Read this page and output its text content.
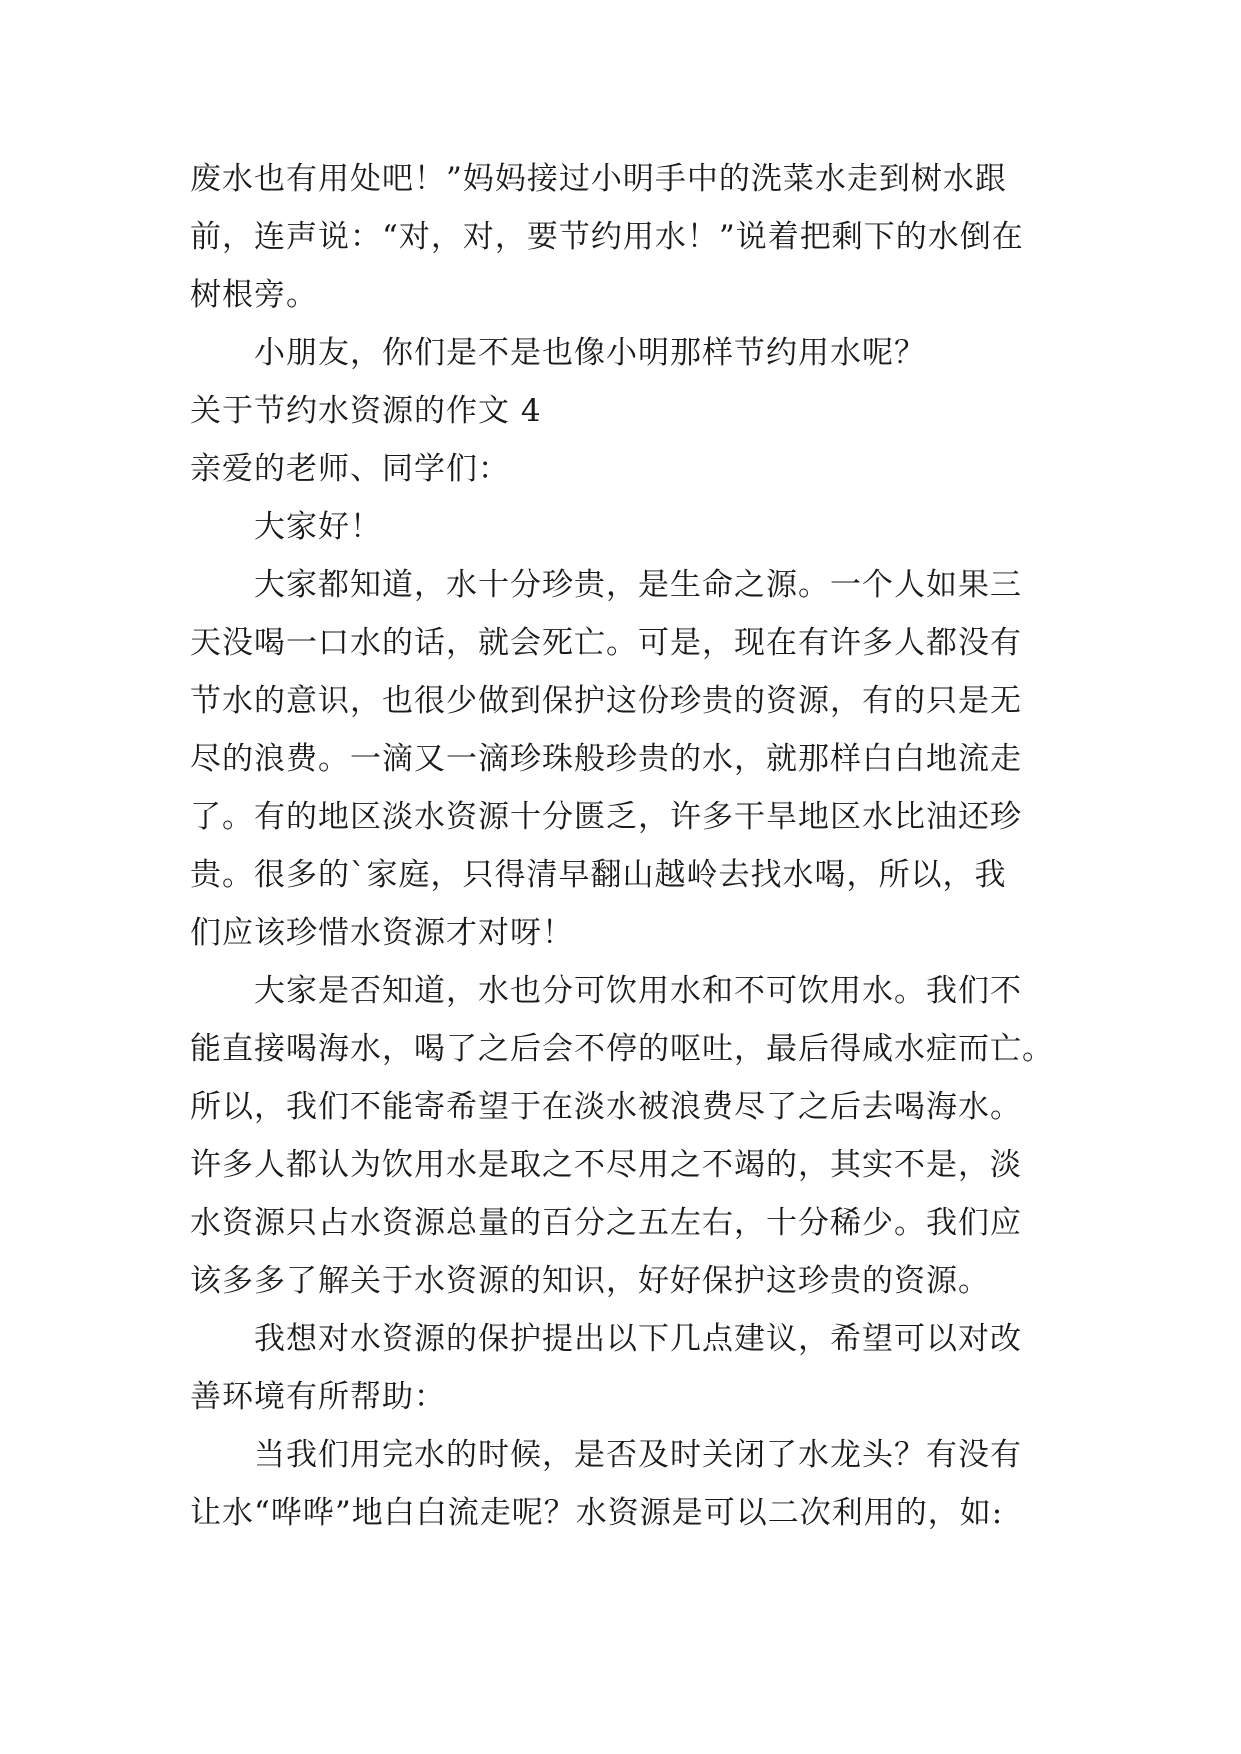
废水也有用处吧！”妈妈接过小明手中的洗菜水走到树水跟
前，连声说：“对，对，要节约用水！”说着把剩下的水倒在
树根旁。
小朋友，你们是不是也像小明那样节约用水呢？
关于节约水资源的作文 4
亲爱的老师、同学们：
大家好！
大家都知道，水十分珍贵，是生命之源。一个人如果三
天没喝一口水的话，就会死亡。可是，现在有许多人都没有
节水的意识，也很少做到保护这份珍贵的资源，有的只是无
尽的浪费。一滴又一滴珍珠般珍贵的水，就那样白白地流走
了。有的地区淡水资源十分匮乏，许多干旱地区水比油还珍
贵。很多的`家庭，只得清早翻山越岭去找水喝，所以，我
们应该珍惜水资源才对呀！
大家是否知道，水也分可饮用水和不可饮用水。我们不
能直接喝海水，喝了之后会不停的呕吐，最后得咸水症而亡。
所以，我们不能寄希望于在淡水被浪费尽了之后去喝海水。
许多人都认为饮用水是取之不尽用之不竭的，其实不是，淡
水资源只占水资源总量的百分之五左右，十分稀少。我们应
该多多了解关于水资源的知识，好好保护这珍贵的资源。
我想对水资源的保护提出以下几点建议，希望可以对改
善环境有所帮助：
当我们用完水的时候，是否及时关闭了水龙头？有没有
让水“哗哗”地白白流走呢？水资源是可以二次利用的，如:
